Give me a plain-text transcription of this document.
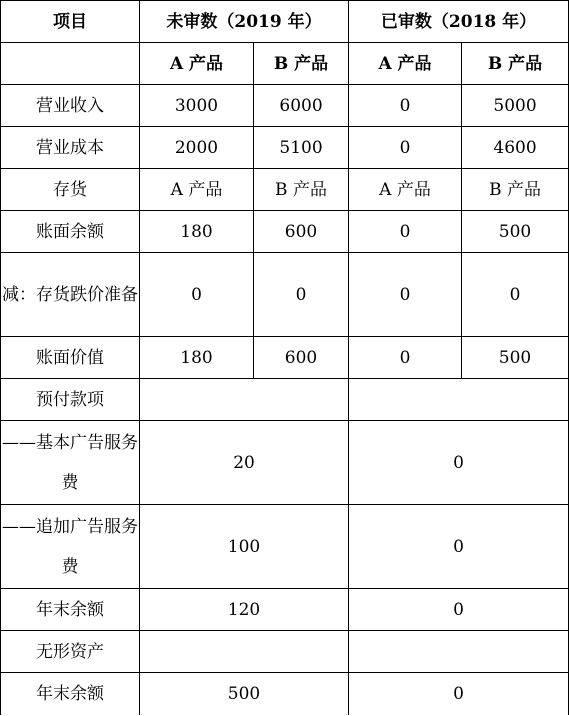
项目	未审数（2019 年）		已审数（2018 年）	
	A 产品	B 产品	A 产品	B 产品
营业收入	3000	6000	0	5000
营业成本	2000	5100	0	4600
存货	A 产品	B 产品	A 产品	B 产品
账面余额	180	600	0	500
减：存货跌价准备	0	0	0	0
账面价值	180	600	0	500
预付款项				
——基本广告服务费	20		0	
——追加广告服务费	100		0	
年末余额	120		0	
无形资产				
年末余额	500		0	
